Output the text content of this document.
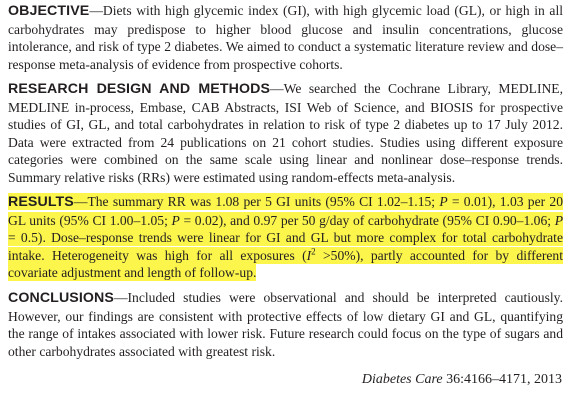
OBJECTIVE—Diets with high glycemic index (GI), with high glycemic load (GL), or high in all carbohydrates may predispose to higher blood glucose and insulin concentrations, glucose intolerance, and risk of type 2 diabetes. We aimed to conduct a systematic literature review and dose–response meta-analysis of evidence from prospective cohorts.

RESEARCH DESIGN AND METHODS—We searched the Cochrane Library, MEDLINE, MEDLINE in-process, Embase, CAB Abstracts, ISI Web of Science, and BIOSIS for prospective studies of GI, GL, and total carbohydrates in relation to risk of type 2 diabetes up to 17 July 2012. Data were extracted from 24 publications on 21 cohort studies. Studies using different exposure categories were combined on the same scale using linear and nonlinear dose–response trends. Summary relative risks (RRs) were estimated using random-effects meta-analysis.

RESULTS—The summary RR was 1.08 per 5 GI units (95% CI 1.02–1.15; P = 0.01), 1.03 per 20 GL units (95% CI 1.00–1.05; P = 0.02), and 0.97 per 50 g/day of carbohydrate (95% CI 0.90–1.06; P = 0.5). Dose–response trends were linear for GI and GL but more complex for total carbohydrate intake. Heterogeneity was high for all exposures $(I^2 >50\%)$, partly accounted for by different covariate adjustment and length of follow-up.

CONCLUSIONS—Included studies were observational and should be interpreted cautiously. However, our findings are consistent with protective effects of low dietary GI and GL, quantifying the range of intakes associated with lower risk. Future research could focus on the type of sugars and other carbohydrates associated with greatest risk.

Diabetes Care 36:4166–4171, 2013
